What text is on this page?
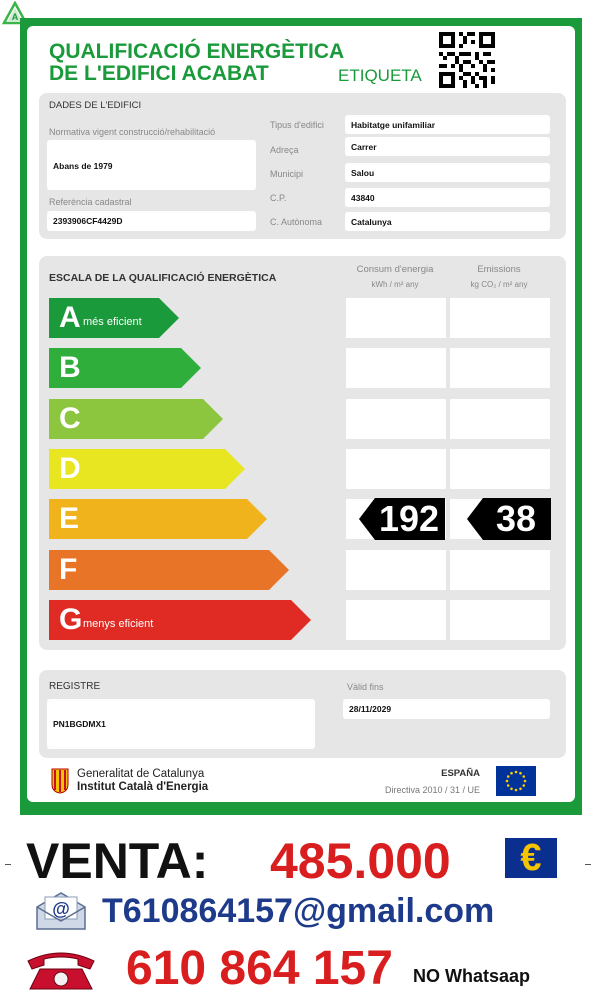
A
QUALIFICACIÓ ENERGÈTICA
DE L'EDIFICI ACABAT	ETIQUETA
DADES DE L'EDIFICI
Normativa vigent construcció/rehabilitació
Abans de 1979
Referència cadastral
2393906CF4429D
Tipus d'edifici	Habitatge unifamiliar
Adreça	Carrer
Municipi	Salou
C.P.	43840
C. Autònoma	Catalunya
ESCALA DE LA QUALIFICACIÓ ENERGÈTICA
Consum d'energia
kWh / m² any
Emissions
kg CO₂ / m² any
A més eficient
B
C
D
E	192	38
F
G menys eficient
REGISTRE
PN1BGDMX1
Vàlid fins
28/11/2029
Generalitat de Catalunya
Institut Català d'Energia
ESPAÑA
Directiva 2010 / 31 / UE
VENTA: 485.000 €
@ T610864157@gmail.com
610 864 157 NO Whatsaap
